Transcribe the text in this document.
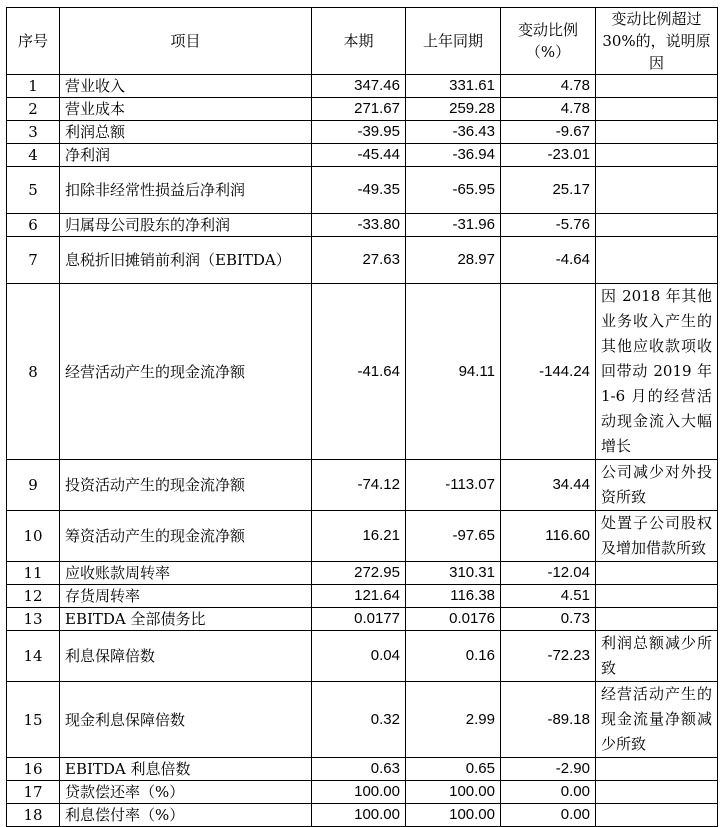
序号	项目	本期	上年同期	变动比例（%）	变动比例超过30%的，说明原因
1	营业收入	347.46	331.61	4.78	
2	营业成本	271.67	259.28	4.78	
3	利润总额	-39.95	-36.43	-9.67	
4	净利润	-45.44	-36.94	-23.01	
5	扣除非经常性损益后净利润	-49.35	-65.95	25.17	
6	归属母公司股东的净利润	-33.80	-31.96	-5.76	
7	息税折旧摊销前利润（EBITDA）	27.63	28.97	-4.64	
8	经营活动产生的现金流净额	-41.64	94.11	-144.24	因 2018 年其他业务收入产生的其他应收款项收回带动 2019 年 1-6 月的经营活动现金流入大幅增长
9	投资活动产生的现金流净额	-74.12	-113.07	34.44	公司减少对外投资所致
10	筹资活动产生的现金流净额	16.21	-97.65	116.60	处置子公司股权及增加借款所致
11	应收账款周转率	272.95	310.31	-12.04	
12	存货周转率	121.64	116.38	4.51	
13	EBITDA 全部债务比	0.0177	0.0176	0.73	
14	利息保障倍数	0.04	0.16	-72.23	利润总额减少所致
15	现金利息保障倍数	0.32	2.99	-89.18	经营活动产生的现金流量净额减少所致
16	EBITDA 利息倍数	0.63	0.65	-2.90	
17	贷款偿还率（%）	100.00	100.00	0.00	
18	利息偿付率（%）	100.00	100.00	0.00	
